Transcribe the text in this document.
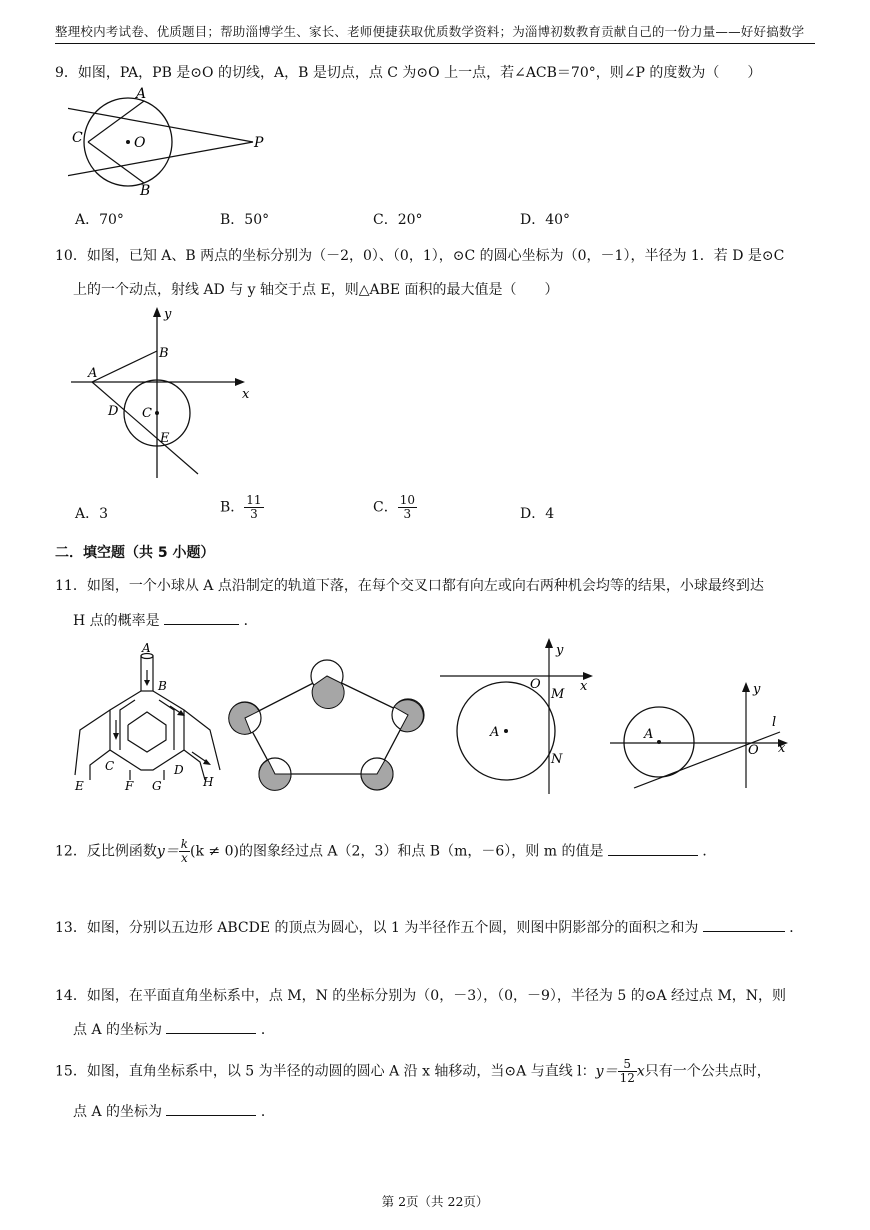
整理校内考试卷、优质题目；帮助淄博学生、家长、老师便捷获取优质数学资料；为淄博初数教育贡献自己的一份力量——好好搞数学
9．如图，PA，PB 是⊙O 的切线，A，B 是切点，点 C 为⊙O 上一点，若∠ACB＝70°，则∠P 的度数为（　　）
A
C	O	P
B
A．70°	B．50°	C．20°	D．40°
10．如图，已知 A、B 两点的坐标分别为（－2，0）、（0，1），⊙C 的圆心坐标为（0，－1），半径为 1．若 D 是⊙C
上的一个动点，射线 AD 与 y 轴交于点 E，则△ABE 面积的最大值是（　　）
y
x
A
B
C
D
E
A．3	B． $\frac{11}{3}$	C． $\frac{10}{3}$	D．4
二．填空题（共 5 小题）
11．如图，一个小球从 A 点沿制定的轨道下落，在每个交叉口都有向左或向右两种机会均等的结果，小球最终到达
H 点的概率是	．
A
B
C	D
E	F G	H
y
x
O
M
N
A
y
x
O
A
l
12．反比例函数$y= \frac{k}{x} (k \ne 0)$的图象经过点 A（2，3）和点 B（m，－6），则 m 的值是	．
13．如图，分别以五边形 ABCDE 的顶点为圆心，以 1 为半径作五个圆，则图中阴影部分的面积之和为	．
14．如图，在平面直角坐标系中，点 M，N 的坐标分别为（0，－3），（0，－9），半径为 5 的⊙A 经过点 M，N，则
点 A 的坐标为	．
15．如图，直角坐标系中，以 5 为半径的动圆的圆心 A 沿 x 轴移动，当⊙A 与直线 l：$y= \frac{5}{12}$ x只有一个公共点时，
点 A 的坐标为	．
第 2页（共 22页）
